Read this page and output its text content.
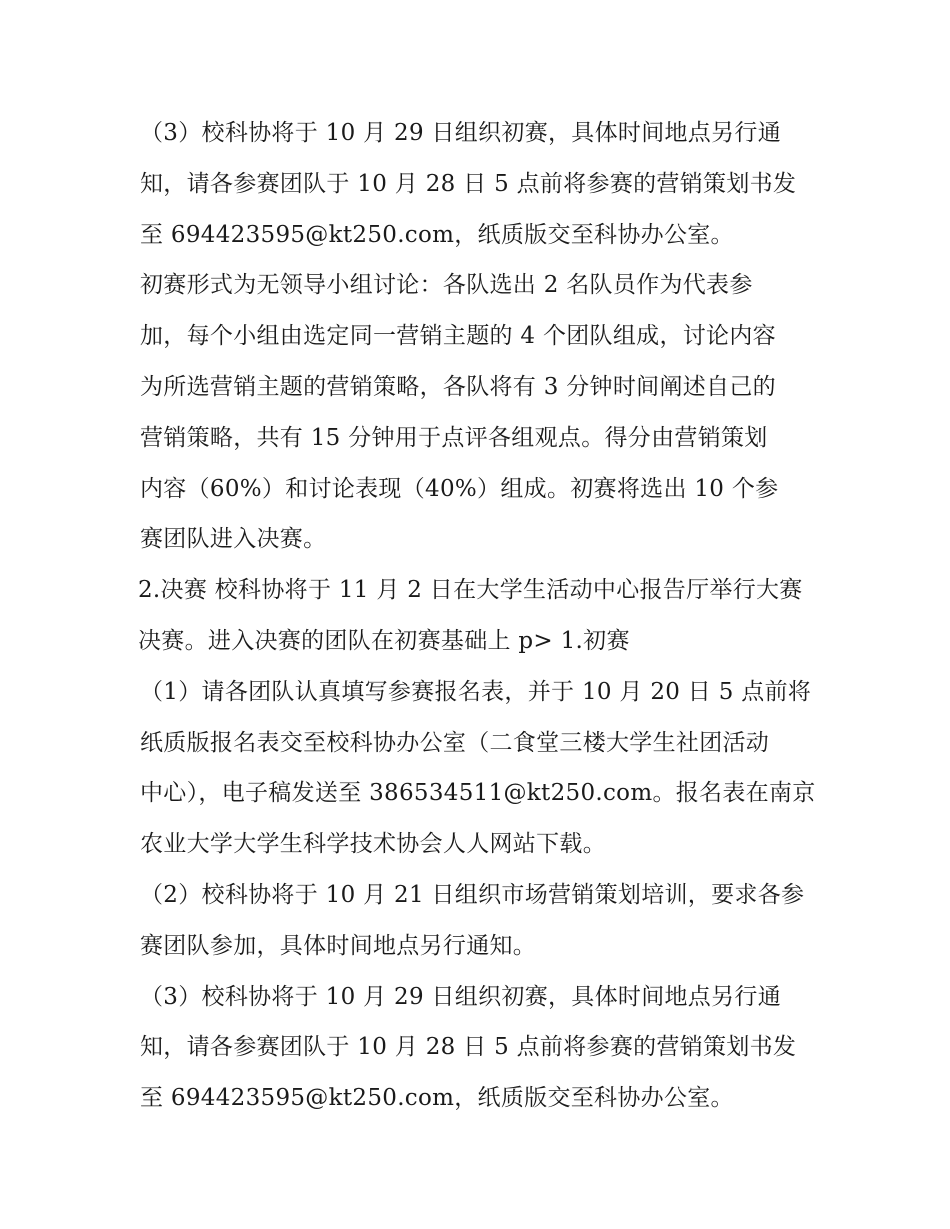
（3）校科协将于 10 月 29 日组织初赛，具体时间地点另行通
知，请各参赛团队于 10 月 28 日 5 点前将参赛的营销策划书发
至 694423595@kt250.com，纸质版交至科协办公室。
初赛形式为无领导小组讨论：各队选出 2 名队员作为代表参
加，每个小组由选定同一营销主题的 4 个团队组成，讨论内容
为所选营销主题的营销策略，各队将有 3 分钟时间阐述自己的
营销策略，共有 15 分钟用于点评各组观点。得分由营销策划
内容（60%）和讨论表现（40%）组成。初赛将选出 10 个参
赛团队进入决赛。
2.决赛 校科协将于 11 月 2 日在大学生活动中心报告厅举行大赛
决赛。进入决赛的团队在初赛基础上 p> 1.初赛
（1）请各团队认真填写参赛报名表，并于 10 月 20 日 5 点前将
纸质版报名表交至校科协办公室（二食堂三楼大学生社团活动
中心），电子稿发送至 386534511@kt250.com。报名表在南京
农业大学大学生科学技术协会人人网站下载。
（2）校科协将于 10 月 21 日组织市场营销策划培训，要求各参
赛团队参加，具体时间地点另行通知。
（3）校科协将于 10 月 29 日组织初赛，具体时间地点另行通
知，请各参赛团队于 10 月 28 日 5 点前将参赛的营销策划书发
至 694423595@kt250.com，纸质版交至科协办公室。
